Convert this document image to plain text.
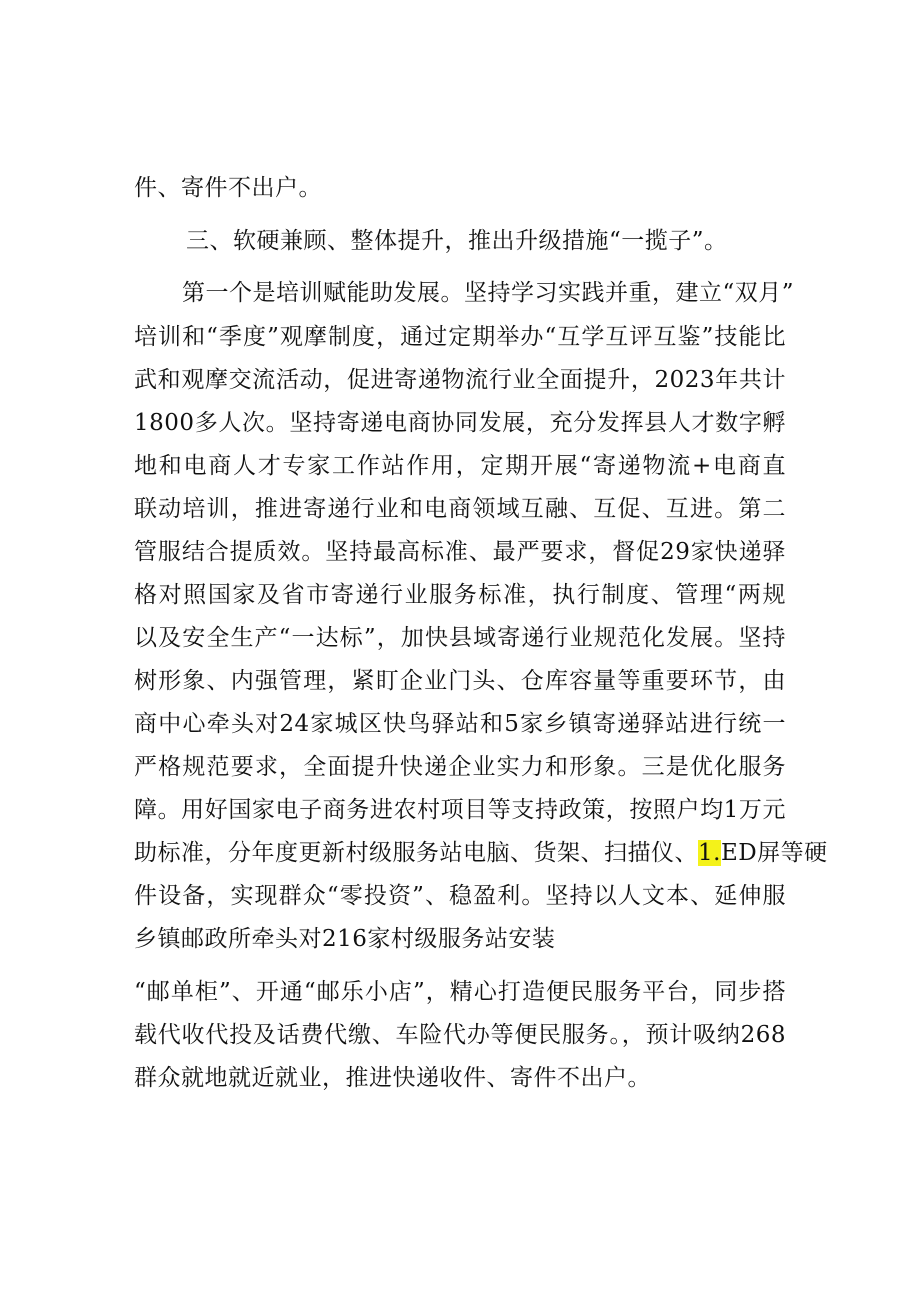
件、寄件不出户。
三、软硬兼顾、整体提升，推出升级措施“一揽子”。
第一个是培训赋能助发展。坚持学习实践并重，建立“双月”
培训和“季度”观摩制度，通过定期举办“互学互评互鉴”技能比
武和观摩交流活动，促进寄递物流行业全面提升，2023年共计
1800多人次。坚持寄递电商协同发展，充分发挥县人才数字孵
地和电商人才专家工作站作用，定期开展“寄递物流+电商直
联动培训，推进寄递行业和电商领域互融、互促、互进。第二
管服结合提质效。坚持最高标准、最严要求，督促29家快递驿
格对照国家及省市寄递行业服务标准，执行制度、管理“两规
以及安全生产“一达标”，加快县域寄递行业规范化发展。坚持
树形象、内强管理，紧盯企业门头、仓库容量等重要环节，由
商中心牵头对24家城区快鸟驿站和5家乡镇寄递驿站进行统一
严格规范要求，全面提升快递企业实力和形象。三是优化服务
障。用好国家电子商务进农村项目等支持政策，按照户均1万元
助标准，分年度更新村级服务站电脑、货架、扫描仪、1.ED屏等硬
件设备，实现群众“零投资”、稳盈利。坚持以人文本、延伸服
乡镇邮政所牵头对216家村级服务站安装
“邮单柜”、开通“邮乐小店”，精心打造便民服务平台，同步搭
载代收代投及话费代缴、车险代办等便民服务。，预计吸纳268
群众就地就近就业，推进快递收件、寄件不出户。
